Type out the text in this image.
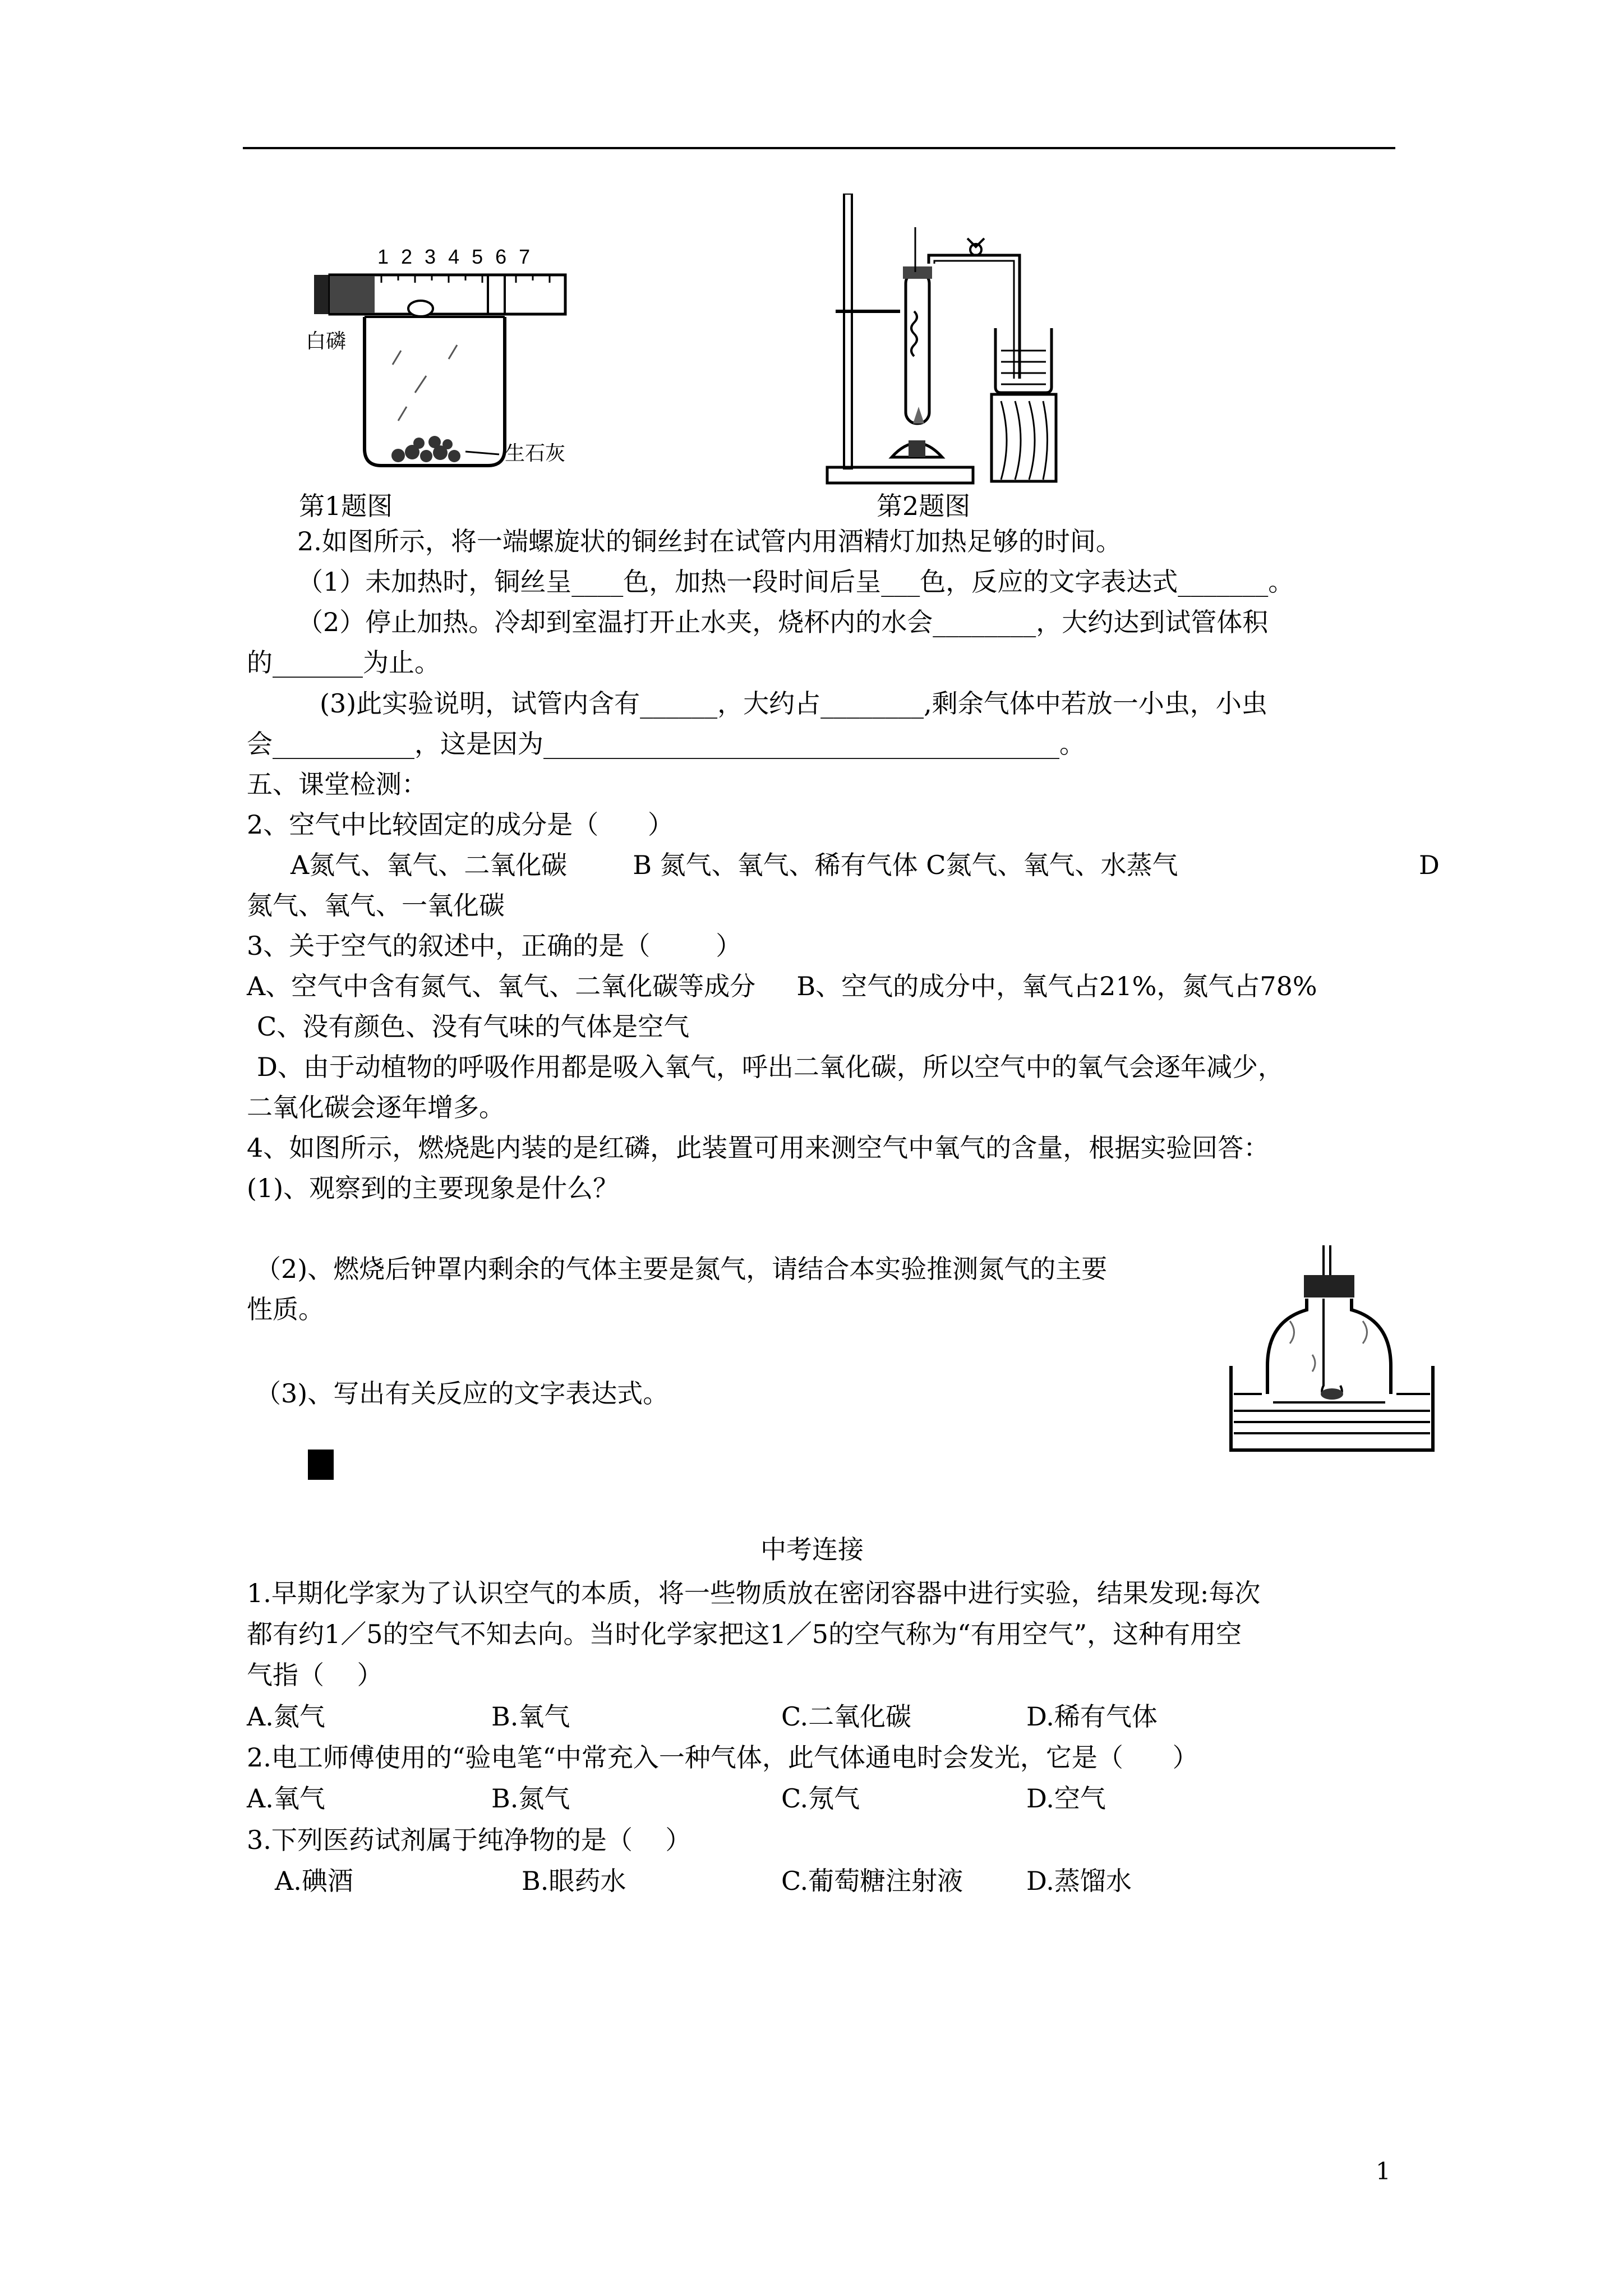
1 2 3 4 5 6 7
白磷
生石灰
第1题图	第2题图
2.如图所示，将一端螺旋状的铜丝封在试管内用酒精灯加热足够的时间。
（1）未加热时，铜丝呈____色，加热一段时间后呈___色，反应的文字表达式_______。
（2）停止加热。冷却到室温打开止水夹，烧杯内的水会________，大约达到试管体积
的_______为止。
(3)此实验说明，试管内含有______，大约占________,剩余气体中若放一小虫，小虫
会___________，这是因为________________________________________。
五、课堂检测：
2、空气中比较固定的成分是（      ）
A氮气、氧气、二氧化碳        B 氮气、氧气、稀有气体 C氮气、氧气、水蒸气	D
氮气、氧气、一氧化碳
3、关于空气的叙述中，正确的是（        ）
A、空气中含有氮气、氧气、二氧化碳等成分     B、空气的成分中，氧气占21%，氮气占78%
C、没有颜色、没有气味的气体是空气
D、由于动植物的呼吸作用都是吸入氧气，呼出二氧化碳，所以空气中的氧气会逐年减少，
二氧化碳会逐年增多。
4、如图所示，燃烧匙内装的是红磷，此装置可用来测空气中氧气的含量，根据实验回答：
(1)、观察到的主要现象是什么？
（2)、燃烧后钟罩内剩余的气体主要是氮气，请结合本实验推测氮气的主要
性质。
（3)、写出有关反应的文字表达式。
中考连接
1.早期化学家为了认识空气的本质，将一些物质放在密闭容器中进行实验，结果发现:每次
都有约1／5的空气不知去向。当时化学家把这1／5的空气称为“有用空气”，这种有用空
气指（    ）
A.氮气	B.氧气	C.二氧化碳	D.稀有气体
2.电工师傅使用的“验电笔“中常充入一种气体，此气体通电时会发光，它是（      ）
A.氧气	B.氮气	C.氖气	D.空气
3.下列医药试剂属于纯净物的是（    ）
A.碘酒	B.眼药水	C.葡萄糖注射液 D.蒸馏水
1
